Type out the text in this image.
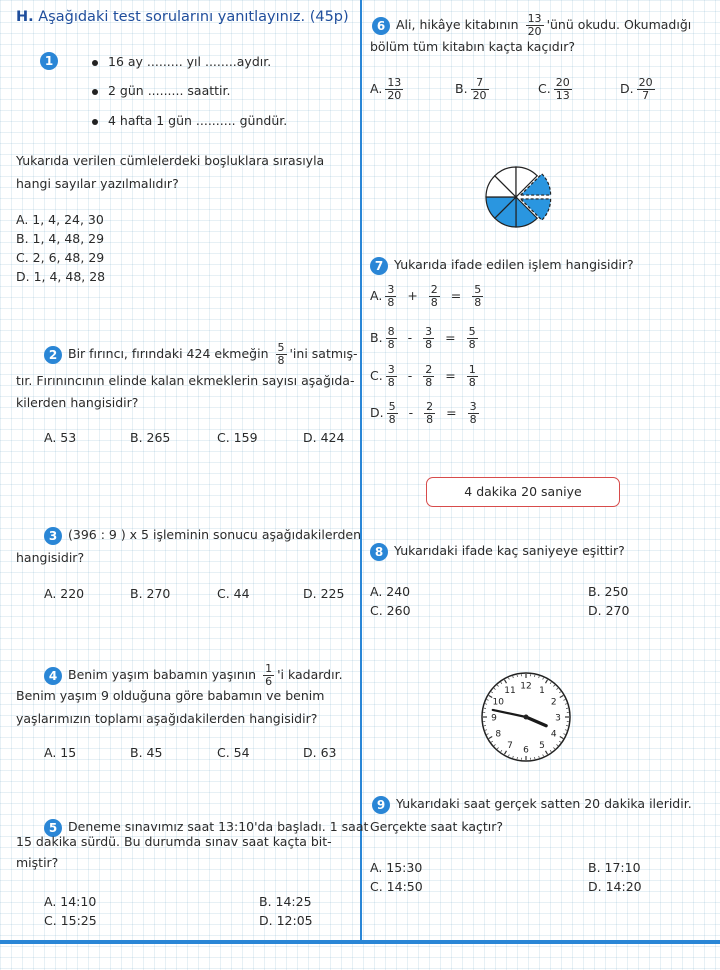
H. Aşağıdaki test sorularını yanıtlayınız. (45p)
1	16 ay ......... yıl ........aydır.
2 gün ......... saattir.
4 hafta 1 gün .......... gündür.
Yukarıda verilen cümlelerdeki boşluklara sırasıyla
hangi sayılar yazılmalıdır?
A. 1, 4, 24, 30
B. 1, 4, 48, 29
C. 2, 6, 48, 29
D. 1, 4, 48, 28
2 Bir fırıncı, fırındaki 424 ekmeğin $\frac{5}{8}$ 'ini satmış-
tır. Fırınıncının elinde kalan ekmeklerin sayısı aşağıda-
kilerden hangisidir?
A. 53	B. 265	C. 159	D. 424
3 (396 : 9 ) x 5 işleminin sonucu aşağıdakilerden
hangisidir?
A. 220	B. 270	C. 44	D. 225
4 Benim yaşım babamın yaşının $\frac{1}{6}$ 'i kadardır.
Benim yaşım 9 olduğuna göre babamın ve benim
yaşlarımızın toplamı aşağıdakilerden hangisidir?
A. 15	B. 45	C. 54	D. 63
5 Deneme sınavımız saat 13:10'da başladı. 1 saat
15 dakika sürdü. Bu durumda sınav saat kaçta bit-
miştir?
A. 14:10	B. 14:25
C. 15:25	D. 12:05
6 Ali, hikâye kitabının $\frac{13}{20}$ 'ünü okudu. Okumadığı
bölüm tüm kitabın kaçta kaçıdır?
A. $\frac{13}{20}$	B. $\frac{7}{20}$	C. $\frac{20}{13}$	D. $\frac{20}{7}$
7 Yukarıda ifade edilen işlem hangisidir?
A. $\frac{3}{8} + \frac{2}{8} = \frac{5}{8}$
B. $\frac{8}{8} - \frac{3}{8} = \frac{5}{8}$
C. $\frac{3}{8} - \frac{2}{8} = \frac{1}{8}$
D. $\frac{5}{8} - \frac{2}{8} = \frac{3}{8}$
4 dakika 20 saniye
8 Yukarıdaki ifade kaç saniyeye eşittir?
A. 240	B. 250
C. 260	D. 270
12 1
2
3
4
5
6
7
8
9
10
11
9 Yukarıdaki saat gerçek satten 20 dakika ileridir.
Gerçekte saat kaçtır?
A. 15:30	B. 17:10
C. 14:50	D. 14:20
